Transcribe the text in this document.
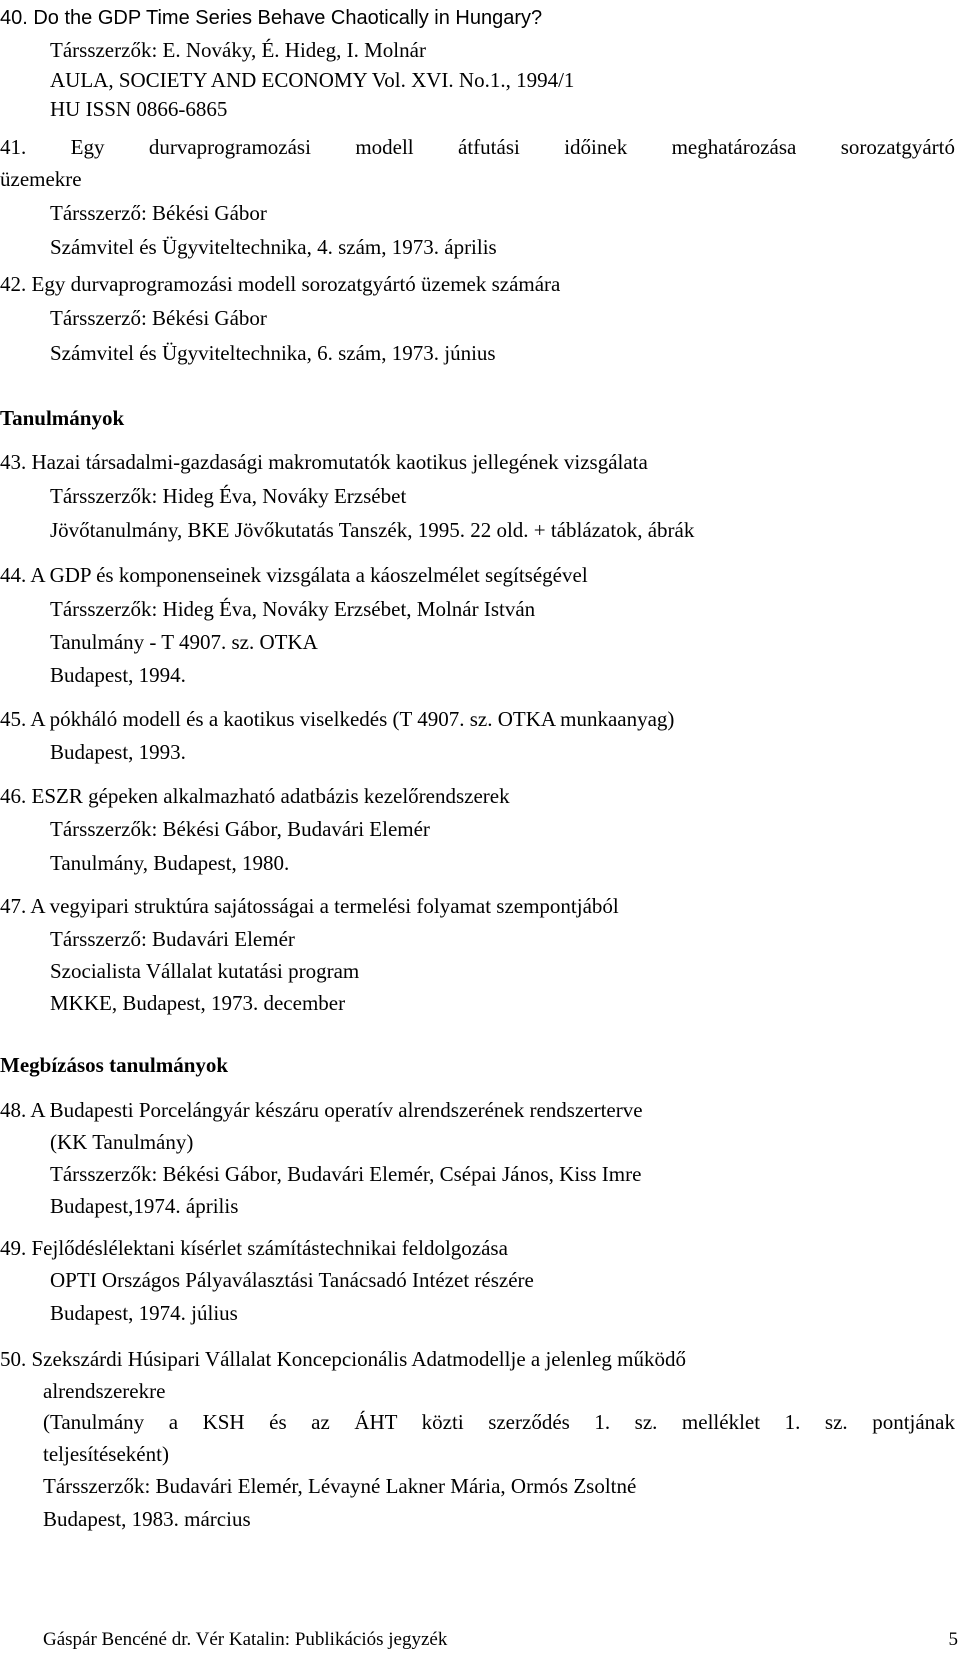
40. Do the GDP Time Series Behave Chaotically in Hungary?
Társszerzők: E. Nováky, É. Hideg, I. Molnár
AULA, SOCIETY AND ECONOMY Vol. XVI. No.1., 1994/1
HU ISSN 0866-6865
41. Egy durvaprogramozási modell átfutási időinek meghatározása sorozatgyártó
üzemekre
Társszerző: Békési Gábor
Számvitel és Ügyviteltechnika, 4. szám, 1973. április
42. Egy durvaprogramozási modell sorozatgyártó üzemek számára
Társszerző: Békési Gábor
Számvitel és Ügyviteltechnika, 6. szám, 1973. június
Tanulmányok
43. Hazai társadalmi-gazdasági makromutatók kaotikus jellegének vizsgálata
Társszerzők: Hideg Éva, Nováky Erzsébet
Jövőtanulmány, BKE Jövőkutatás Tanszék, 1995. 22 old. + táblázatok, ábrák
44. A GDP és komponenseinek vizsgálata a káoszelmélet segítségével
Társszerzők: Hideg Éva, Nováky Erzsébet, Molnár István
Tanulmány - T 4907. sz. OTKA
Budapest, 1994.
45. A pókháló modell és a kaotikus viselkedés (T 4907. sz. OTKA munkaanyag)
Budapest, 1993.
46. ESZR gépeken alkalmazható adatbázis kezelőrendszerek
Társszerzők: Békési Gábor, Budavári Elemér
Tanulmány, Budapest, 1980.
47. A vegyipari struktúra sajátosságai a termelési folyamat szempontjából
Társszerző: Budavári Elemér
Szocialista Vállalat kutatási program
MKKE, Budapest, 1973. december
Megbízásos tanulmányok
48. A Budapesti Porcelángyár készáru operatív alrendszerének rendszerterve
(KK Tanulmány)
Társszerzők: Békési Gábor, Budavári Elemér, Csépai János, Kiss Imre
Budapest,1974. április
49. Fejlődéslélektani kísérlet számítástechnikai feldolgozása
OPTI Országos Pályaválasztási Tanácsadó Intézet részére
Budapest, 1974. július
50. Szekszárdi Húsipari Vállalat Koncepcionális Adatmodellje a jelenleg működő
alrendszerekre
(Tanulmány a KSH és az ÁHT közti szerződés 1. sz. melléklet 1. sz. pontjának
teljesítéseként)
Társszerzők: Budavári Elemér, Lévayné Lakner Mária, Ormós Zsoltné
Budapest, 1983. március
Gáspár Bencéné dr. Vér Katalin: Publikációs jegyzék	5
